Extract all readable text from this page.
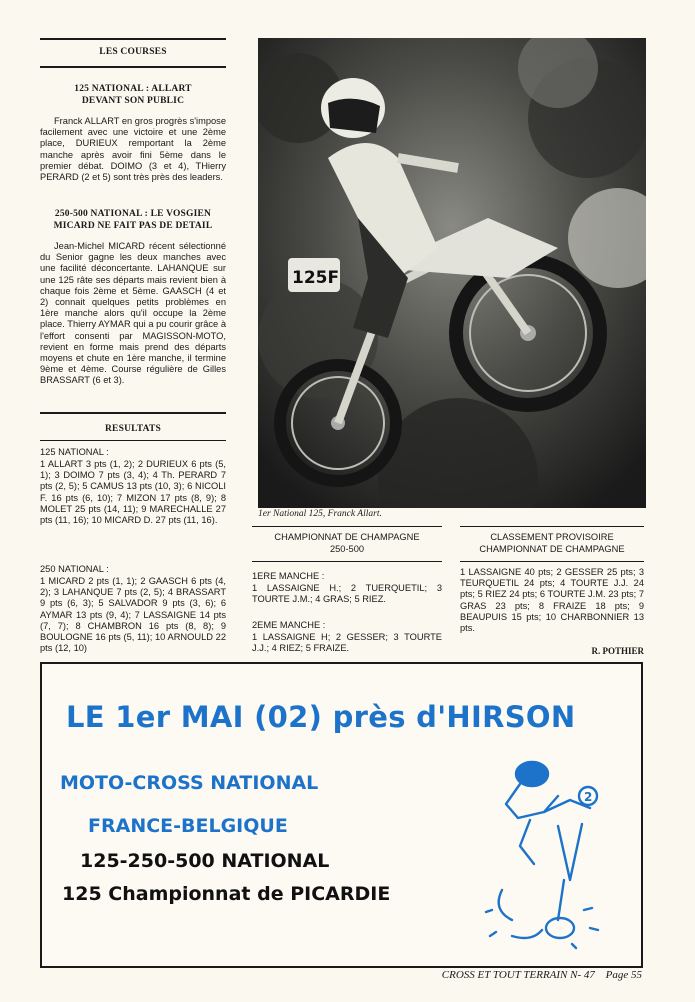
LES COURSES
125 NATIONAL : ALLART DEVANT SON PUBLIC
Franck ALLART en gros progrès s'impose facilement avec une victoire et une 2ème place, DURIEUX remportant la 2ème manche après avoir fini 5ème dans le premier débat. DOIMO (3 et 4), THierry PERARD (2 et 5) sont très près des leaders.
250-500 NATIONAL : LE VOSGIEN MICARD NE FAIT PAS DE DETAIL
Jean-Michel MICARD récent sélectionné du Senior gagne les deux manches avec une facilité déconcertante. LAHANQUE sur une 125 râte ses départs mais revient bien à chaque fois 2ème et 5ème. GAASCH (4 et 2) connait quelques petits problèmes en 1ère manche alors qu'il occupe la 2ème place. Thierry AYMAR qui a pu courir grâce à l'effort consenti par MAGISSON-MOTO, revient en forme mais prend des départs moyens et chute en 1ère manche, il termine 9ème et 4ème. Course régulière de Gilles BRASSART (6 et 3).
RESULTATS
125 NATIONAL :
1 ALLART 3 pts (1, 2); 2 DURIEUX 6 pts (5, 1); 3 DOIMO 7 pts (3, 4); 4 Th. PERARD 7 pts (2, 5); 5 CAMUS 13 pts (10, 3); 6 NICOLI F. 16 pts (6, 10); 7 MIZON 17 pts (8, 9); 8 MOLET 25 pts (14, 11); 9 MARECHALLE 27 pts (11, 16); 10 MICARD D. 27 pts (11, 16).
250 NATIONAL :
1 MICARD 2 pts (1, 1); 2 GAASCH 6 pts (4, 2); 3 LAHANQUE 7 pts (2, 5); 4 BRASSART 9 pts (6, 3); 5 SALVADOR 9 pts (3, 6); 6 AYMAR 13 pts (9, 4); 7 LASSAIGNE 14 pts (7, 7); 8 CHAMBRON 16 pts (8, 8); 9 BOULOGNE 16 pts (5, 11); 10 ARNOULD 22 pts (12, 10)
125F
1er National 125, Franck Allart.
CHAMPIONNAT DE CHAMPAGNE
250-500
1ERE MANCHE :
1 LASSAIGNE H.; 2 TUERQUETIL; 3 TOURTE J.M.; 4 GRAS; 5 RIEZ.
2EME MANCHE :
1 LASSAIGNE H; 2 GESSER; 3 TOURTE J.J.; 4 RIEZ; 5 FRAIZE.
CLASSEMENT PROVISOIRE
CHAMPIONNAT DE CHAMPAGNE
1 LASSAIGNE 40 pts; 2 GESSER 25 pts; 3 TEURQUETIL 24 pts; 4 TOURTE J.J. 24 pts; 5 RIEZ 24 pts; 6 TOURTE J.M. 23 pts; 7 GRAS 23 pts; 8 FRAIZE 18 pts; 9 BEAUPUIS 15 pts; 10 CHARBONNIER 13 pts.
R. POTHIER
LE 1er MAI (02) près d'HIRSON
MOTO-CROSS NATIONAL
FRANCE-BELGIQUE
125-250-500 NATIONAL
125 Championnat de PICARDIE
2
CROSS ET TOUT TERRAIN N- 47 Page 55
